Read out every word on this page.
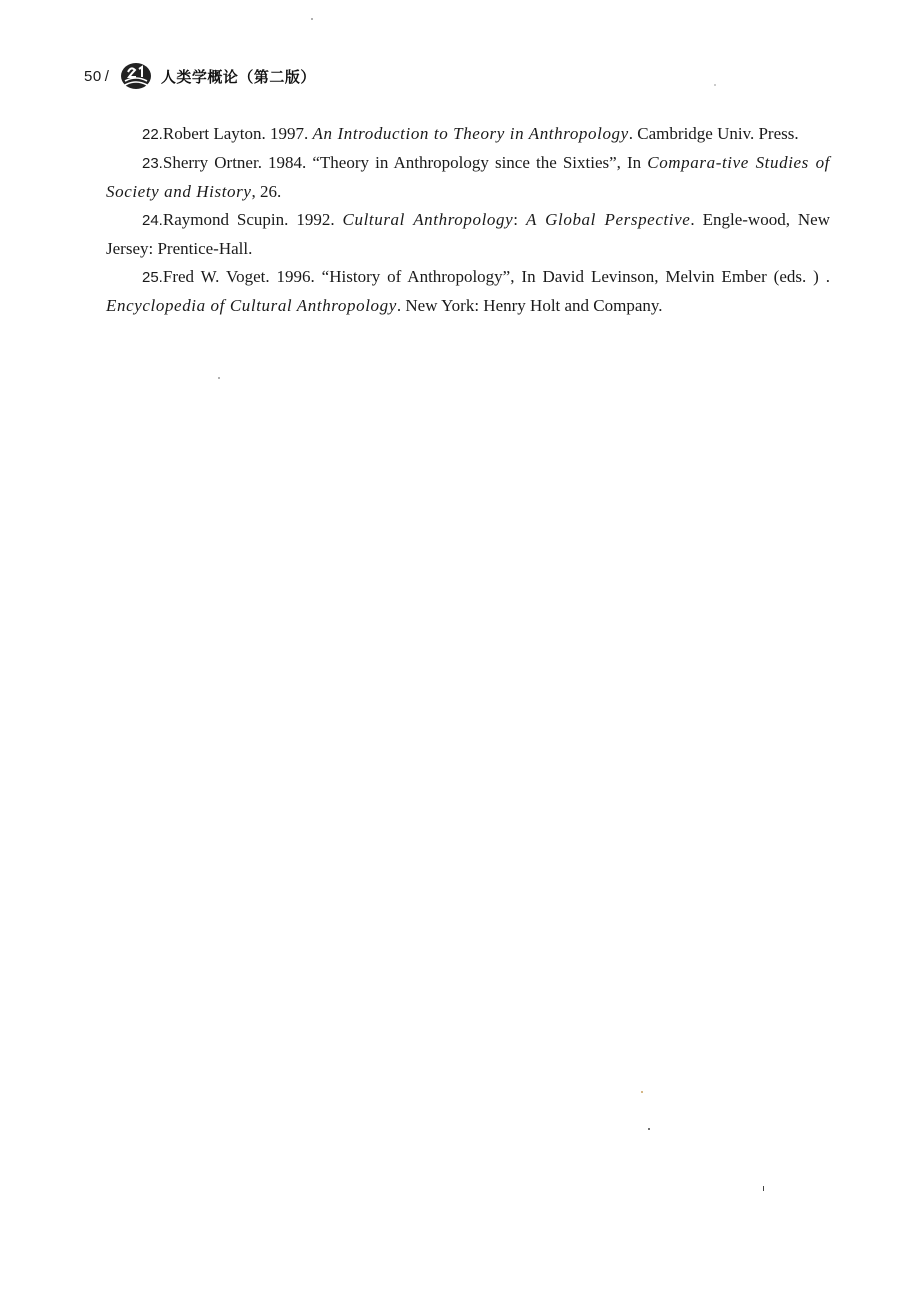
50 /	人类学概论（第二版）

22.Robert Layton. 1997. An Introduction to Theory in Anthropology. Cambridge Univ. Press.

23.Sherry Ortner. 1984. “Theory in Anthropology since the Sixties”, In Compara-tive Studies of Society and History, 26.

24.Raymond Scupin. 1992. Cultural Anthropology: A Global Perspective. Engle-wood, New Jersey: Prentice-Hall.

25.Fred W. Voget. 1996. “History of Anthropology”, In David Levinson, Melvin Ember (eds. ) . Encyclopedia of Cultural Anthropology. New York: Henry Holt and Company.
